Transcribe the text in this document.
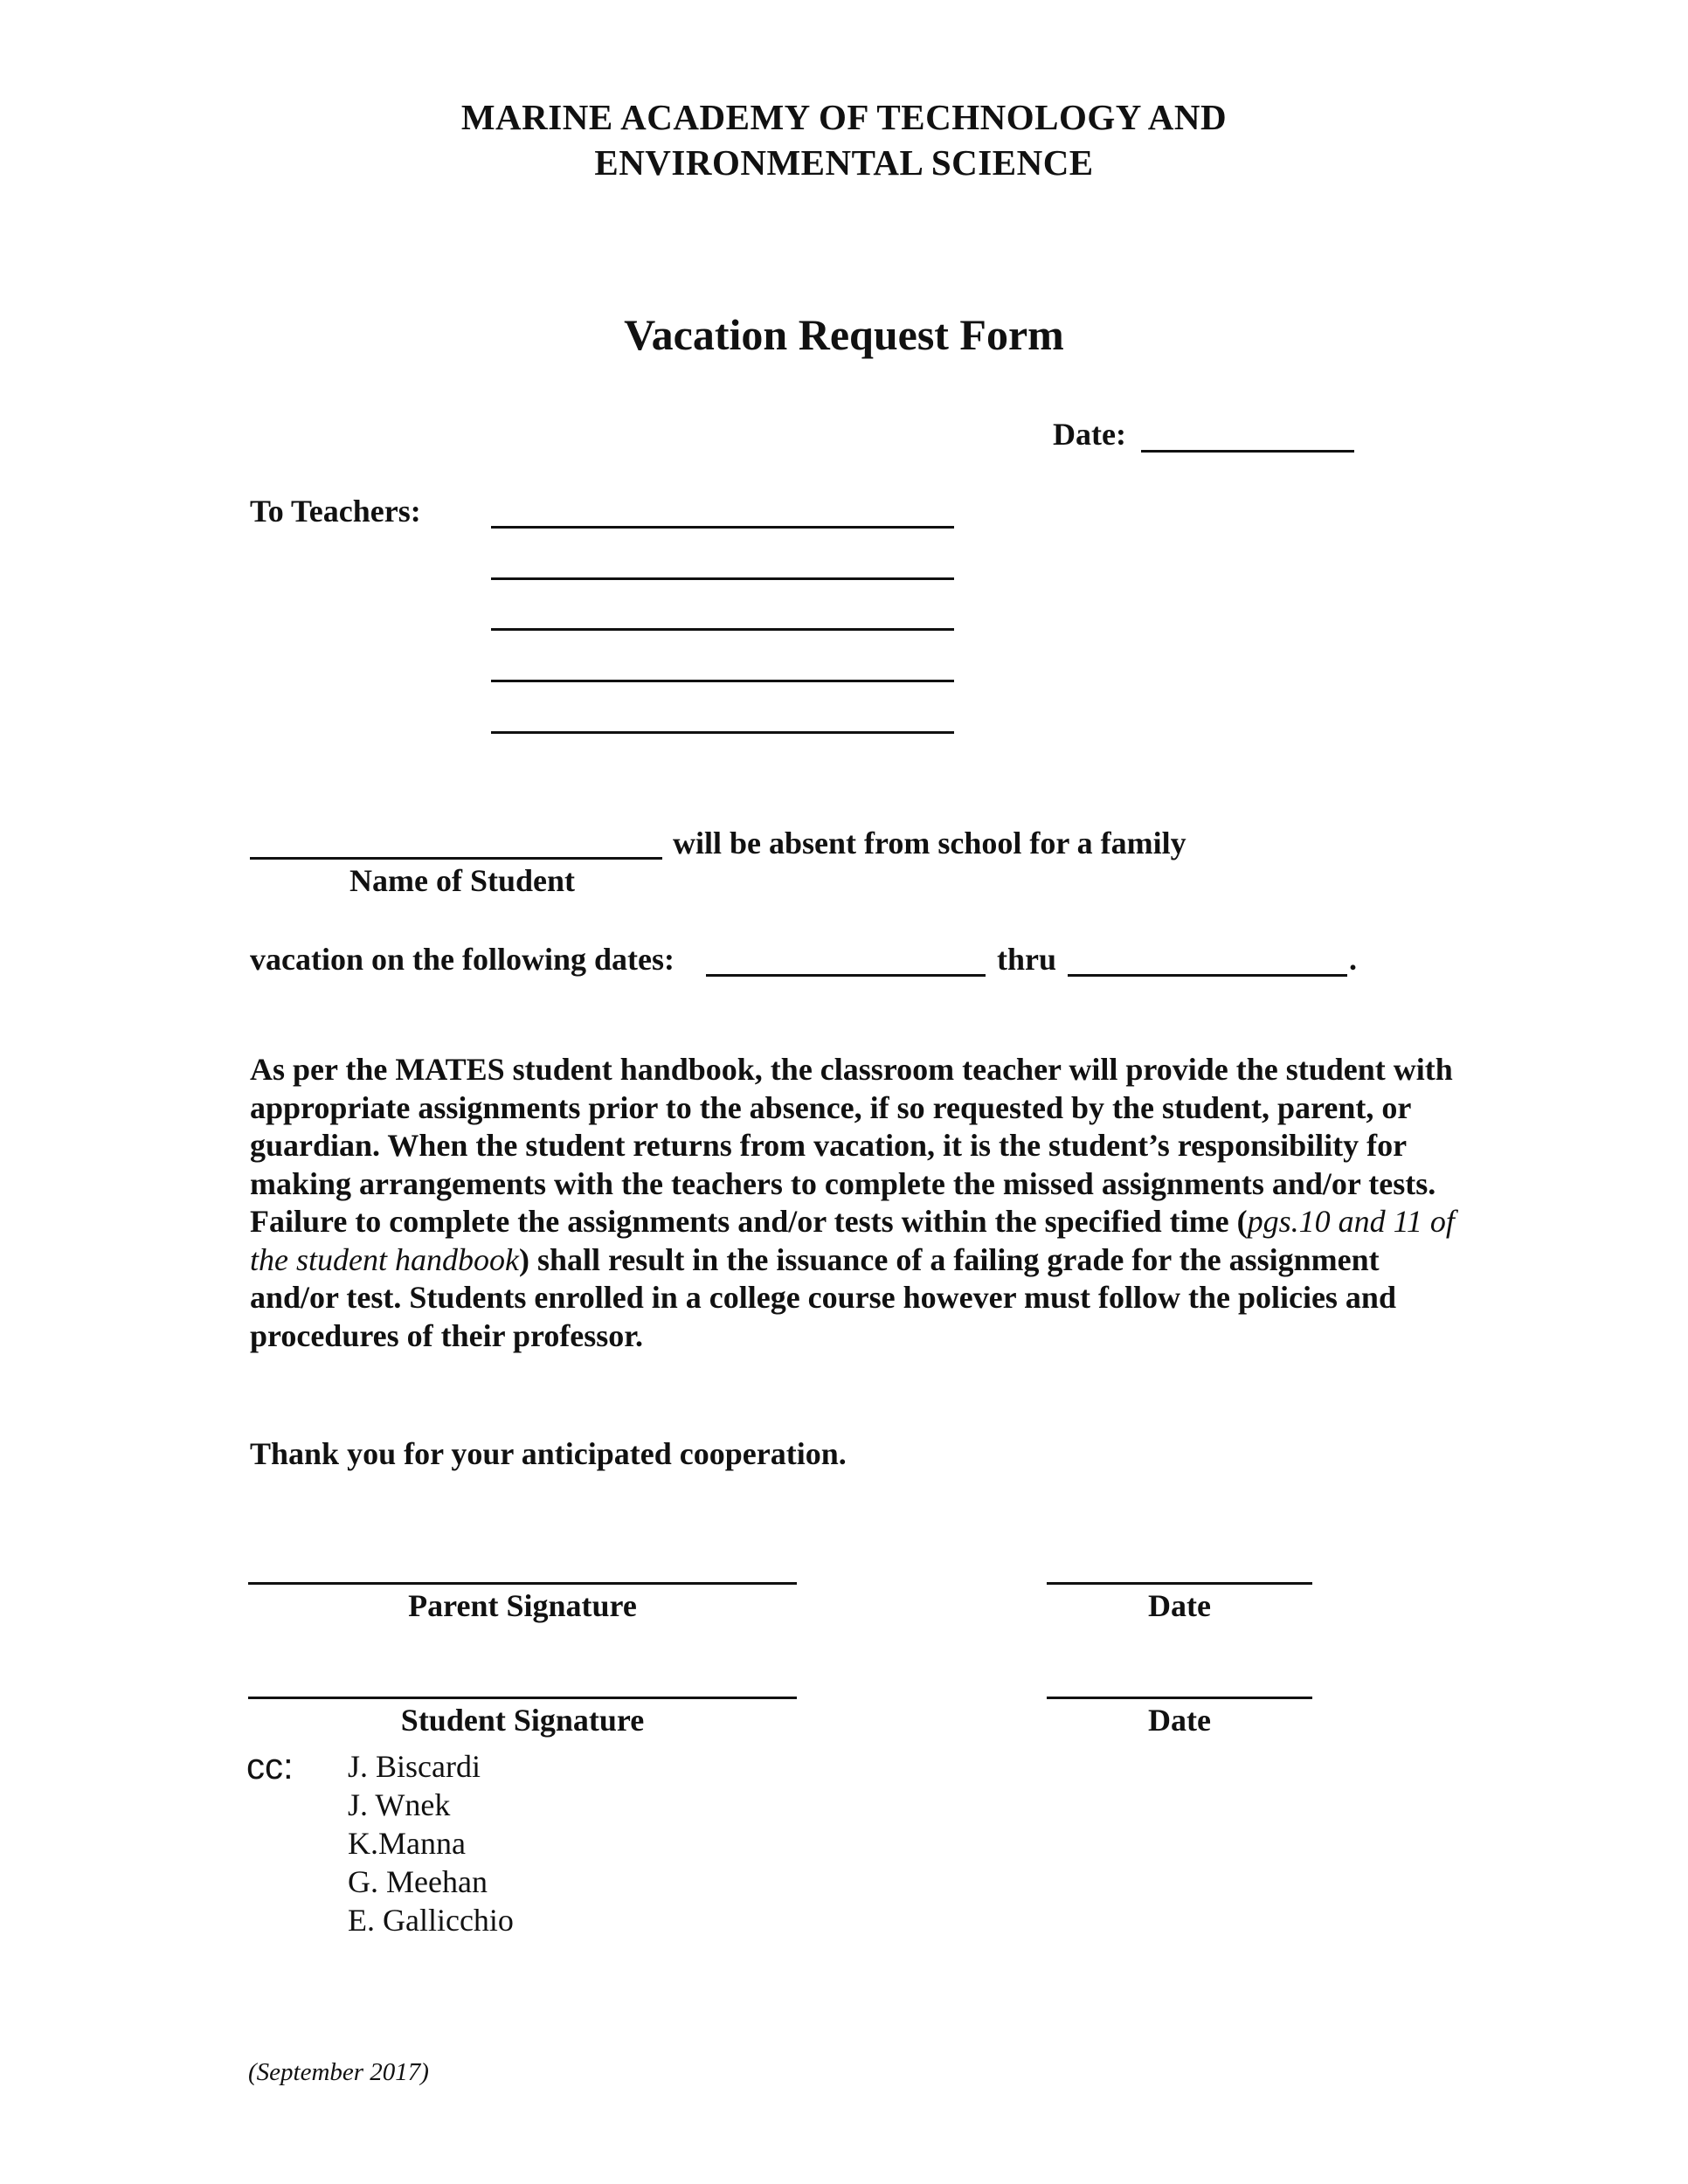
MARINE ACADEMY OF TECHNOLOGY AND
ENVIRONMENTAL SCIENCE
Vacation Request Form
Date:
To Teachers:
will be absent from school for a family
Name of Student
vacation on the following dates:	thru	.

As per the MATES student handbook, the classroom teacher will provide the student with appropriate assignments prior to the absence, if so requested by the student, parent, or guardian. When the student returns from vacation, it is the student’s responsibility for making arrangements with the teachers to complete the missed assignments and/or tests. Failure to complete the assignments and/or tests within the specified time (pgs.10 and 11 of the student handbook) shall result in the issuance of a failing grade for the assignment and/or test. Students enrolled in a college course however must follow the policies and procedures of their professor.

Thank you for your anticipated cooperation.
Parent Signature	Date
Student Signature	Date
cc: J. Biscardi
J. Wnek
K.Manna
G. Meehan
E. Gallicchio
(September 2017)
